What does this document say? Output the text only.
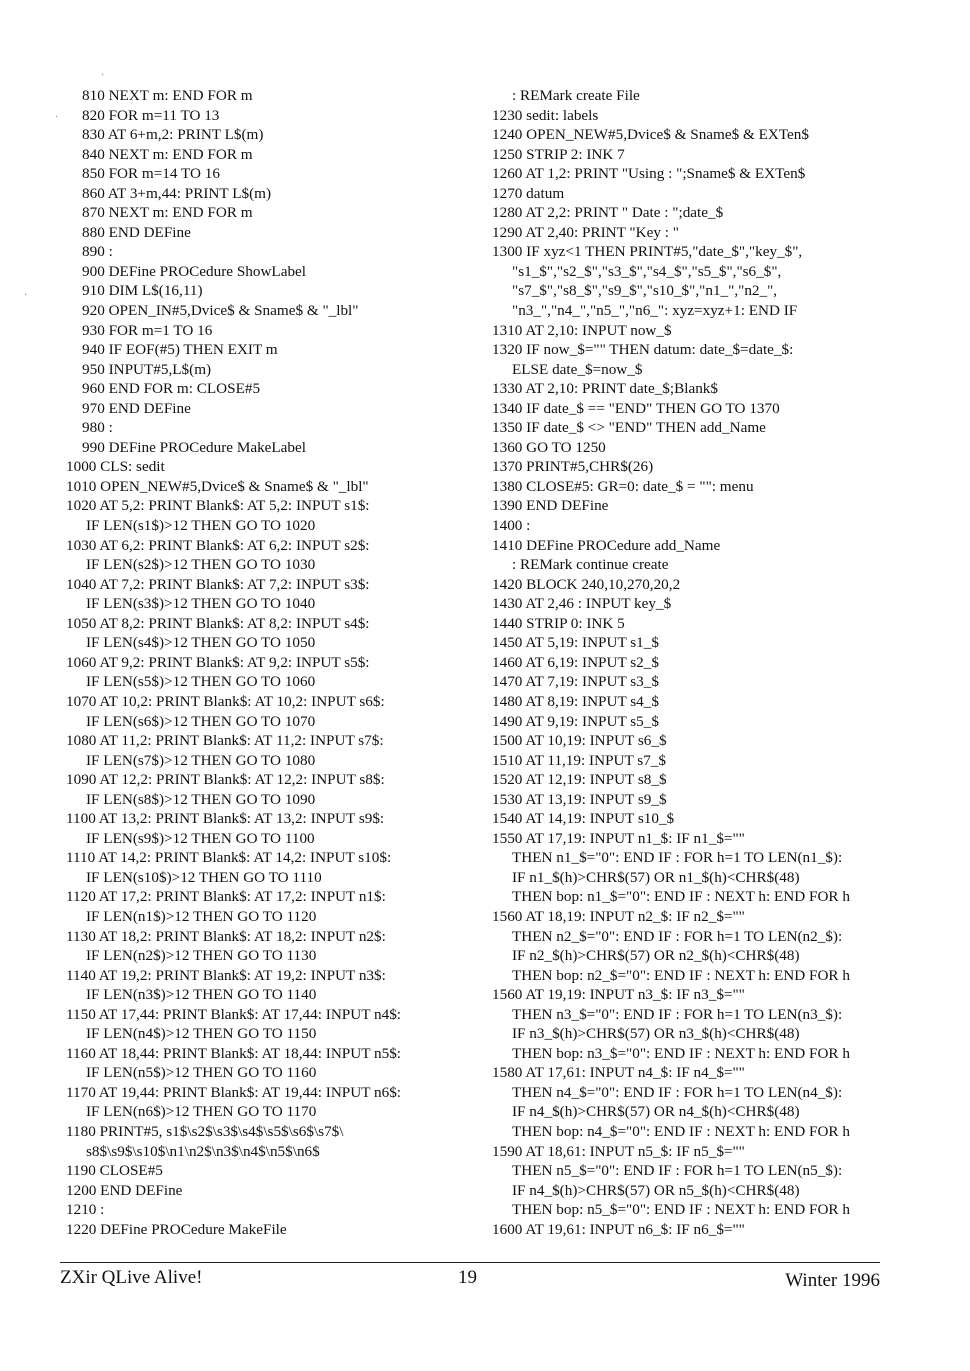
·
·
·
810 NEXT m: END FOR m
820 FOR m=11 TO 13
830 AT 6+m,2: PRINT L$(m)
840 NEXT m: END FOR m
850 FOR m=14 TO 16
860 AT 3+m,44: PRINT L$(m)
870 NEXT m: END FOR m
880 END DEFine
890 :
900 DEFine PROCedure ShowLabel
910 DIM L$(16,11)
920 OPEN_IN#5,Dvice$ & Sname$ & "_lbl"
930 FOR m=1 TO 16
940 IF EOF(#5) THEN EXIT m
950 INPUT#5,L$(m)
960 END FOR m: CLOSE#5
970 END DEFine
980 :
990 DEFine PROCedure MakeLabel
1000 CLS: sedit
1010 OPEN_NEW#5,Dvice$ & Sname$ & "_lbl"
1020 AT 5,2: PRINT Blank$: AT 5,2: INPUT s1$:
IF LEN(s1$)>12 THEN GO TO 1020
1030 AT 6,2: PRINT Blank$: AT 6,2: INPUT s2$:
IF LEN(s2$)>12 THEN GO TO 1030
1040 AT 7,2: PRINT Blank$: AT 7,2: INPUT s3$:
IF LEN(s3$)>12 THEN GO TO 1040
1050 AT 8,2: PRINT Blank$: AT 8,2: INPUT s4$:
IF LEN(s4$)>12 THEN GO TO 1050
1060 AT 9,2: PRINT Blank$: AT 9,2: INPUT s5$:
IF LEN(s5$)>12 THEN GO TO 1060
1070 AT 10,2: PRINT Blank$: AT 10,2: INPUT s6$:
IF LEN(s6$)>12 THEN GO TO 1070
1080 AT 11,2: PRINT Blank$: AT 11,2: INPUT s7$:
IF LEN(s7$)>12 THEN GO TO 1080
1090 AT 12,2: PRINT Blank$: AT 12,2: INPUT s8$:
IF LEN(s8$)>12 THEN GO TO 1090
1100 AT 13,2: PRINT Blank$: AT 13,2: INPUT s9$:
IF LEN(s9$)>12 THEN GO TO 1100
1110 AT 14,2: PRINT Blank$: AT 14,2: INPUT s10$:
IF LEN(s10$)>12 THEN GO TO 1110
1120 AT 17,2: PRINT Blank$: AT 17,2: INPUT n1$:
IF LEN(n1$)>12 THEN GO TO 1120
1130 AT 18,2: PRINT Blank$: AT 18,2: INPUT n2$:
IF LEN(n2$)>12 THEN GO TO 1130
1140 AT 19,2: PRINT Blank$: AT 19,2: INPUT n3$:
IF LEN(n3$)>12 THEN GO TO 1140
1150 AT 17,44: PRINT Blank$: AT 17,44: INPUT n4$:
IF LEN(n4$)>12 THEN GO TO 1150
1160 AT 18,44: PRINT Blank$: AT 18,44: INPUT n5$:
IF LEN(n5$)>12 THEN GO TO 1160
1170 AT 19,44: PRINT Blank$: AT 19,44: INPUT n6$:
IF LEN(n6$)>12 THEN GO TO 1170
1180 PRINT#5, s1$\s2$\s3$\s4$\s5$\s6$\s7$\
s8$\s9$\s10$\n1\n2$\n3$\n4$\n5$\n6$
1190 CLOSE#5
1200 END DEFine
1210 :
1220 DEFine PROCedure MakeFile
: REMark create File
1230 sedit: labels
1240 OPEN_NEW#5,Dvice$ & Sname$ & EXTen$
1250 STRIP 2: INK 7
1260 AT 1,2: PRINT "Using : ";Sname$ & EXTen$
1270 datum
1280 AT 2,2: PRINT " Date : ";date_$
1290 AT 2,40: PRINT "Key : "
1300 IF xyz<1 THEN PRINT#5,"date_$","key_$",
"s1_$","s2_$","s3_$","s4_$","s5_$","s6_$",
"s7_$","s8_$","s9_$","s10_$","n1_","n2_",
"n3_","n4_","n5_","n6_": xyz=xyz+1: END IF
1310 AT 2,10: INPUT now_$
1320 IF now_$="" THEN datum: date_$=date_$:
ELSE date_$=now_$
1330 AT 2,10: PRINT date_$;Blank$
1340 IF date_$ == "END" THEN GO TO 1370
1350 IF date_$ <> "END" THEN add_Name
1360 GO TO 1250
1370 PRINT#5,CHR$(26)
1380 CLOSE#5: GR=0: date_$ = "": menu
1390 END DEFine
1400 :
1410 DEFine PROCedure add_Name
: REMark continue create
1420 BLOCK 240,10,270,20,2
1430 AT 2,46 : INPUT key_$
1440 STRIP 0: INK 5
1450 AT 5,19: INPUT s1_$
1460 AT 6,19: INPUT s2_$
1470 AT 7,19: INPUT s3_$
1480 AT 8,19: INPUT s4_$
1490 AT 9,19: INPUT s5_$
1500 AT 10,19: INPUT s6_$
1510 AT 11,19: INPUT s7_$
1520 AT 12,19: INPUT s8_$
1530 AT 13,19: INPUT s9_$
1540 AT 14,19: INPUT s10_$
1550 AT 17,19: INPUT n1_$: IF n1_$=""
THEN n1_$="0": END IF : FOR h=1 TO LEN(n1_$):
IF n1_$(h)>CHR$(57) OR n1_$(h)<CHR$(48)
THEN bop: n1_$="0": END IF : NEXT h: END FOR h
1560 AT 18,19: INPUT n2_$: IF n2_$=""
THEN n2_$="0": END IF : FOR h=1 TO LEN(n2_$):
IF n2_$(h)>CHR$(57) OR n2_$(h)<CHR$(48)
THEN bop: n2_$="0": END IF : NEXT h: END FOR h
1560 AT 19,19: INPUT n3_$: IF n3_$=""
THEN n3_$="0": END IF : FOR h=1 TO LEN(n3_$):
IF n3_$(h)>CHR$(57) OR n3_$(h)<CHR$(48)
THEN bop: n3_$="0": END IF : NEXT h: END FOR h
1580 AT 17,61: INPUT n4_$: IF n4_$=""
THEN n4_$="0": END IF : FOR h=1 TO LEN(n4_$):
IF n4_$(h)>CHR$(57) OR n4_$(h)<CHR$(48)
THEN bop: n4_$="0": END IF : NEXT h: END FOR h
1590 AT 18,61: INPUT n5_$: IF n5_$=""
THEN n5_$="0": END IF : FOR h=1 TO LEN(n5_$):
IF n4_$(h)>CHR$(57) OR n5_$(h)<CHR$(48)
THEN bop: n5_$="0": END IF : NEXT h: END FOR h
1600 AT 19,61: INPUT n6_$: IF n6_$=""
ZXir QLive Alive!	19	Winter 1996
